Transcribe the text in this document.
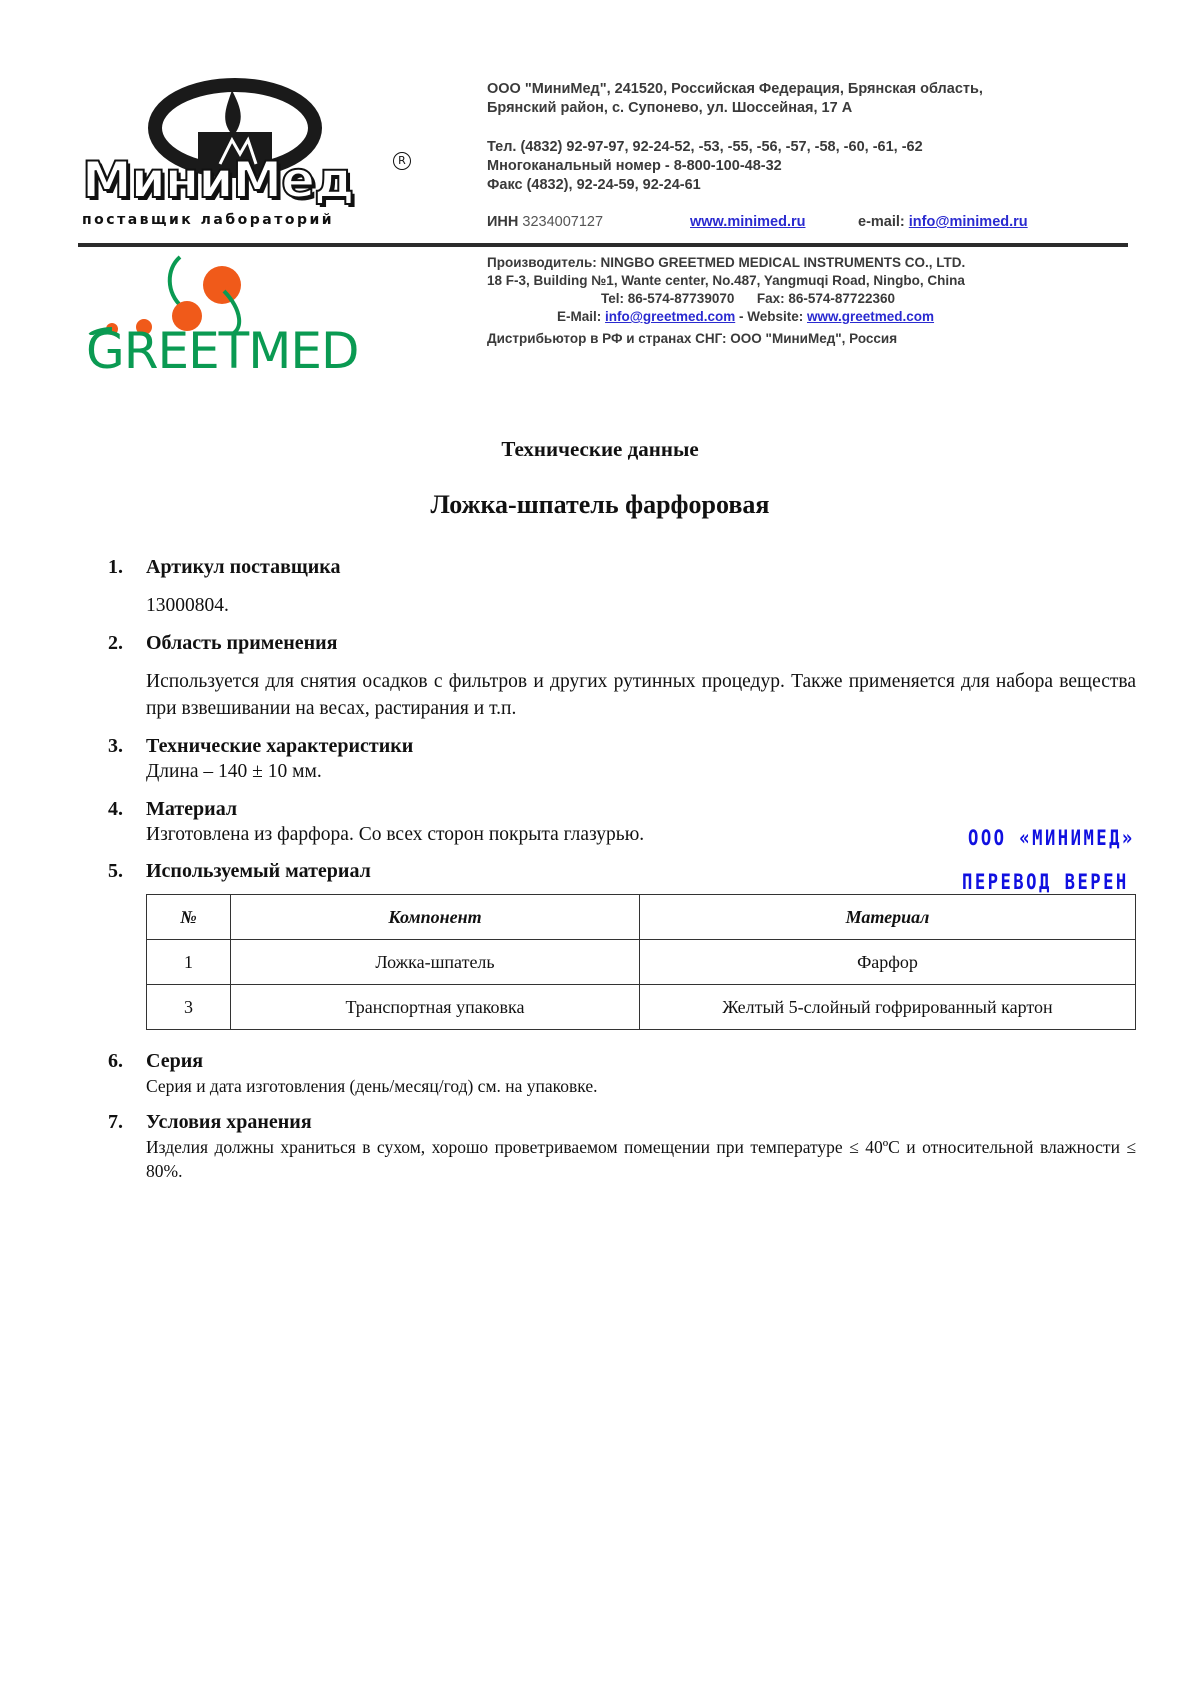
МиниМед	R
поставщик лабораторий
ООО "МиниМед", 241520, Российская Федерация, Брянская область,
Брянский район, с. Супонево, ул. Шоссейная, 17 А
Тел. (4832) 92-97-97, 92-24-52, -53, -55, -56, -57, -58, -60, -61, -62
Многоканальный номер - 8-800-100-48-32
Факс (4832), 92-24-59, 92-24-61
ИНН 3234007127	www.minimed.ru	e-mail: info@minimed.ru
GREETMED
Производитель: NINGBO GREETMED MEDICAL INSTRUMENTS CO., LTD.
18 F-3, Building №1, Wante center, No.487, Yangmuqi Road, Ningbo, China
Tel: 86-574-87739070 Fax: 86-574-87722360
E-Mail: info@greetmed.com - Website: www.greetmed.com
Дистрибьютор в РФ и странах СНГ: ООО "МиниМед", Россия
Технические данные
Ложка-шпатель фарфоровая
1. Артикул поставщика
13000804.
2. Область применения
Используется для снятия осадков с фильтров и других рутинных процедур. Также применяется для набора вещества при взвешивании на весах, растирания и т.п.
3. Технические характеристики
Длина – 140 ± 10 мм.
4. Материал
Изготовлена из фарфора. Со всех сторон покрыта глазурью.	ООО «МИНИМЕД»
ПЕРЕВОД ВЕРЕН
5. Используемый материал
№	Компонент	Материал
1	Ложка-шпатель	Фарфор
3	Транспортная упаковка	Желтый 5-слойный гофрированный картон
6. Серия
Серия и дата изготовления (день/месяц/год) см. на упаковке.
7. Условия хранения
Изделия должны храниться в сухом, хорошо проветриваемом помещении при температуре ≤ 40ºС и относительной влажности ≤ 80%.
